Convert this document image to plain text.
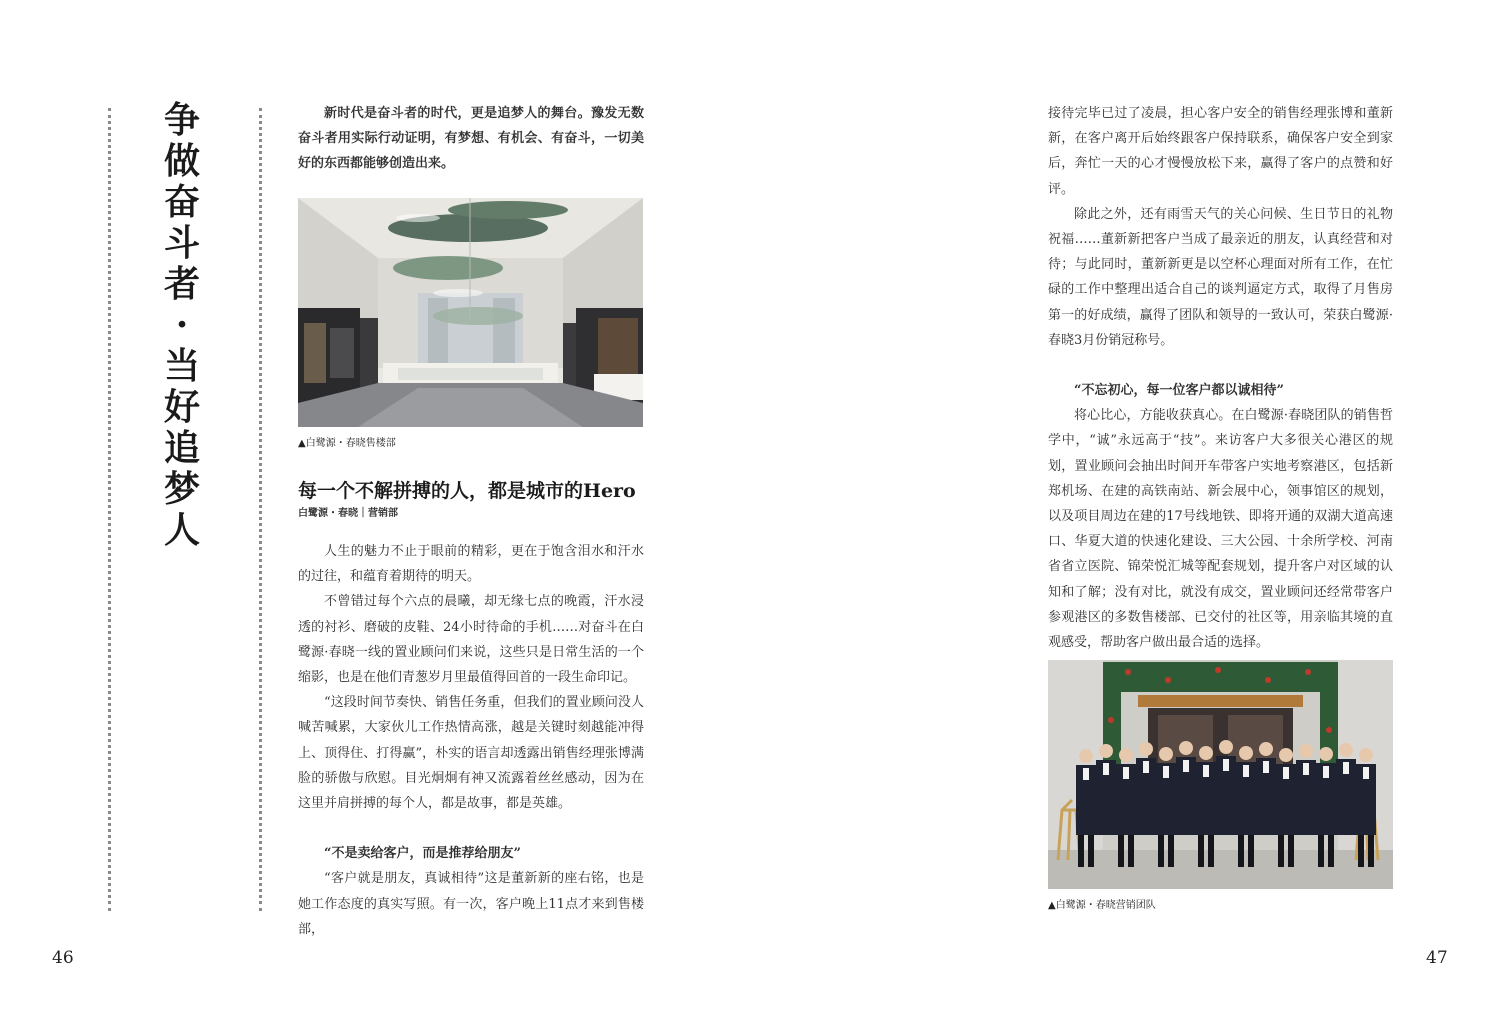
争做奋斗者·当好追梦人
新时代是奋斗者的时代，更是追梦人的舞台。豫发无数奋斗者用实际行动证明，有梦想、有机会、有奋斗，一切美好的东西都能够创造出来。
▲白鹭源・春晓售楼部
每一个不解拼搏的人，都是城市的Hero
白鹭源・春晓｜营销部

人生的魅力不止于眼前的精彩，更在于饱含泪水和汗水的过往，和蕴育着期待的明天。

不曾错过每个六点的晨曦，却无缘七点的晚霞，汗水浸透的衬衫、磨破的皮鞋、24小时待命的手机……对奋斗在白鹭源·春晓一线的置业顾问们来说，这些只是日常生活的一个缩影，也是在他们青葱岁月里最值得回首的一段生命印记。

“这段时间节奏快、销售任务重，但我们的置业顾问没人喊苦喊累，大家伙儿工作热情高涨，越是关键时刻越能冲得上、顶得住、打得赢”，朴实的语言却透露出销售经理张博满脸的骄傲与欣慰。目光炯炯有神又流露着丝丝感动，因为在这里并肩拼搏的每个人，都是故事，都是英雄。

“不是卖给客户，而是推荐给朋友”

“客户就是朋友，真诚相待”这是董新新的座右铭，也是她工作态度的真实写照。有一次，客户晚上11点才来到售楼部，

46

接待完毕已过了凌晨，担心客户安全的销售经理张博和董新新，在客户离开后始终跟客户保持联系，确保客户安全到家后，奔忙一天的心才慢慢放松下来，赢得了客户的点赞和好评。

除此之外，还有雨雪天气的关心问候、生日节日的礼物祝福……董新新把客户当成了最亲近的朋友，认真经营和对待；与此同时，董新新更是以空杯心理面对所有工作，在忙碌的工作中整理出适合自己的谈判逼定方式，取得了月售房第一的好成绩，赢得了团队和领导的一致认可，荣获白鹭源·春晓3月份销冠称号。

“不忘初心，每一位客户都以诚相待”

将心比心，方能收获真心。在白鹭源·春晓团队的销售哲学中，“诚”永远高于“技”。来访客户大多很关心港区的规划，置业顾问会抽出时间开车带客户实地考察港区，包括新郑机场、在建的高铁南站、新会展中心，领事馆区的规划，以及项目周边在建的17号线地铁、即将开通的双湖大道高速口、华夏大道的快速化建设、三大公园、十余所学校、河南省省立医院、锦荣悦汇城等配套规划，提升客户对区域的认知和了解；没有对比，就没有成交，置业顾问还经常带客户参观港区的多数售楼部、已交付的社区等，用亲临其境的直观感受，帮助客户做出最合适的选择。

▲白鹭源・春晓营销团队
47
